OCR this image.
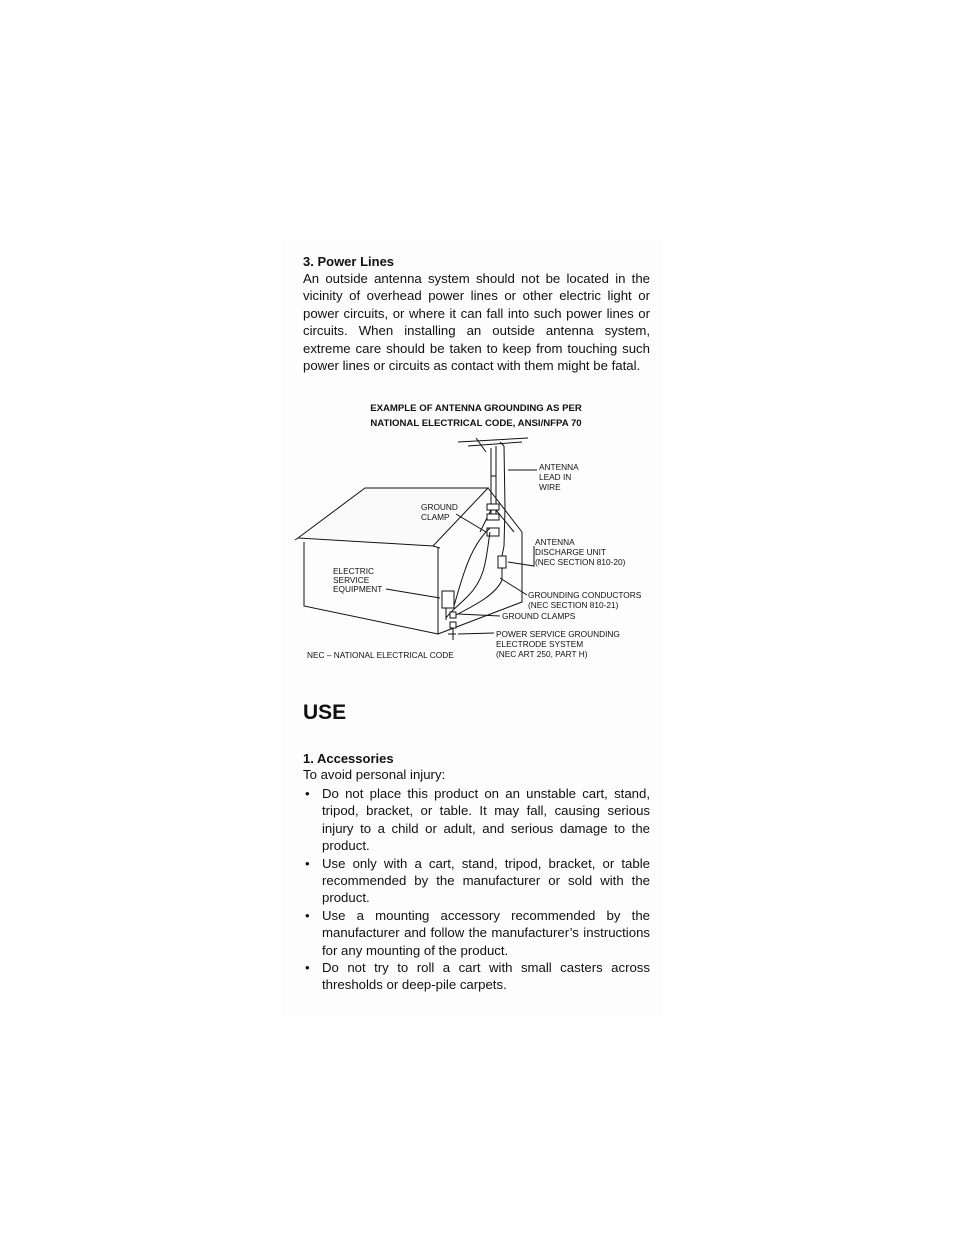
3. Power Lines
An outside antenna system should not be located in the vicinity of overhead power lines or other electric light or power circuits, or where it can fall into such power lines or circuits. When installing an outside antenna system, extreme care should be taken to keep from touching such power lines or circuits as contact with them might be fatal.
EXAMPLE OF ANTENNA GROUNDING AS PER
NATIONAL ELECTRICAL CODE, ANSI/NFPA 70
ANTENNA
LEAD IN
WIRE
GROUND
CLAMP
ANTENNA
DISCHARGE UNIT
(NEC SECTION 810-20)
ELECTRIC
SERVICE
EQUIPMENT
GROUNDING CONDUCTORS
(NEC SECTION 810-21)
GROUND CLAMPS
POWER SERVICE GROUNDING
ELECTRODE SYSTEM
(NEC ART 250, PART H)
NEC – NATIONAL ELECTRICAL CODE
USE
1. Accessories
To avoid personal injury:
• Do not place this product on an unstable cart, stand, tripod, bracket, or table. It may fall, causing serious injury to a child or adult, and serious damage to the product.
• Use only with a cart, stand, tripod, bracket, or table recommended by the manufacturer or sold with the product.
• Use a mounting accessory recommended by the manufacturer and follow the manufacturer’s instructions for any mounting of the product.
• Do not try to roll a cart with small casters across thresholds or deep-pile carpets.
